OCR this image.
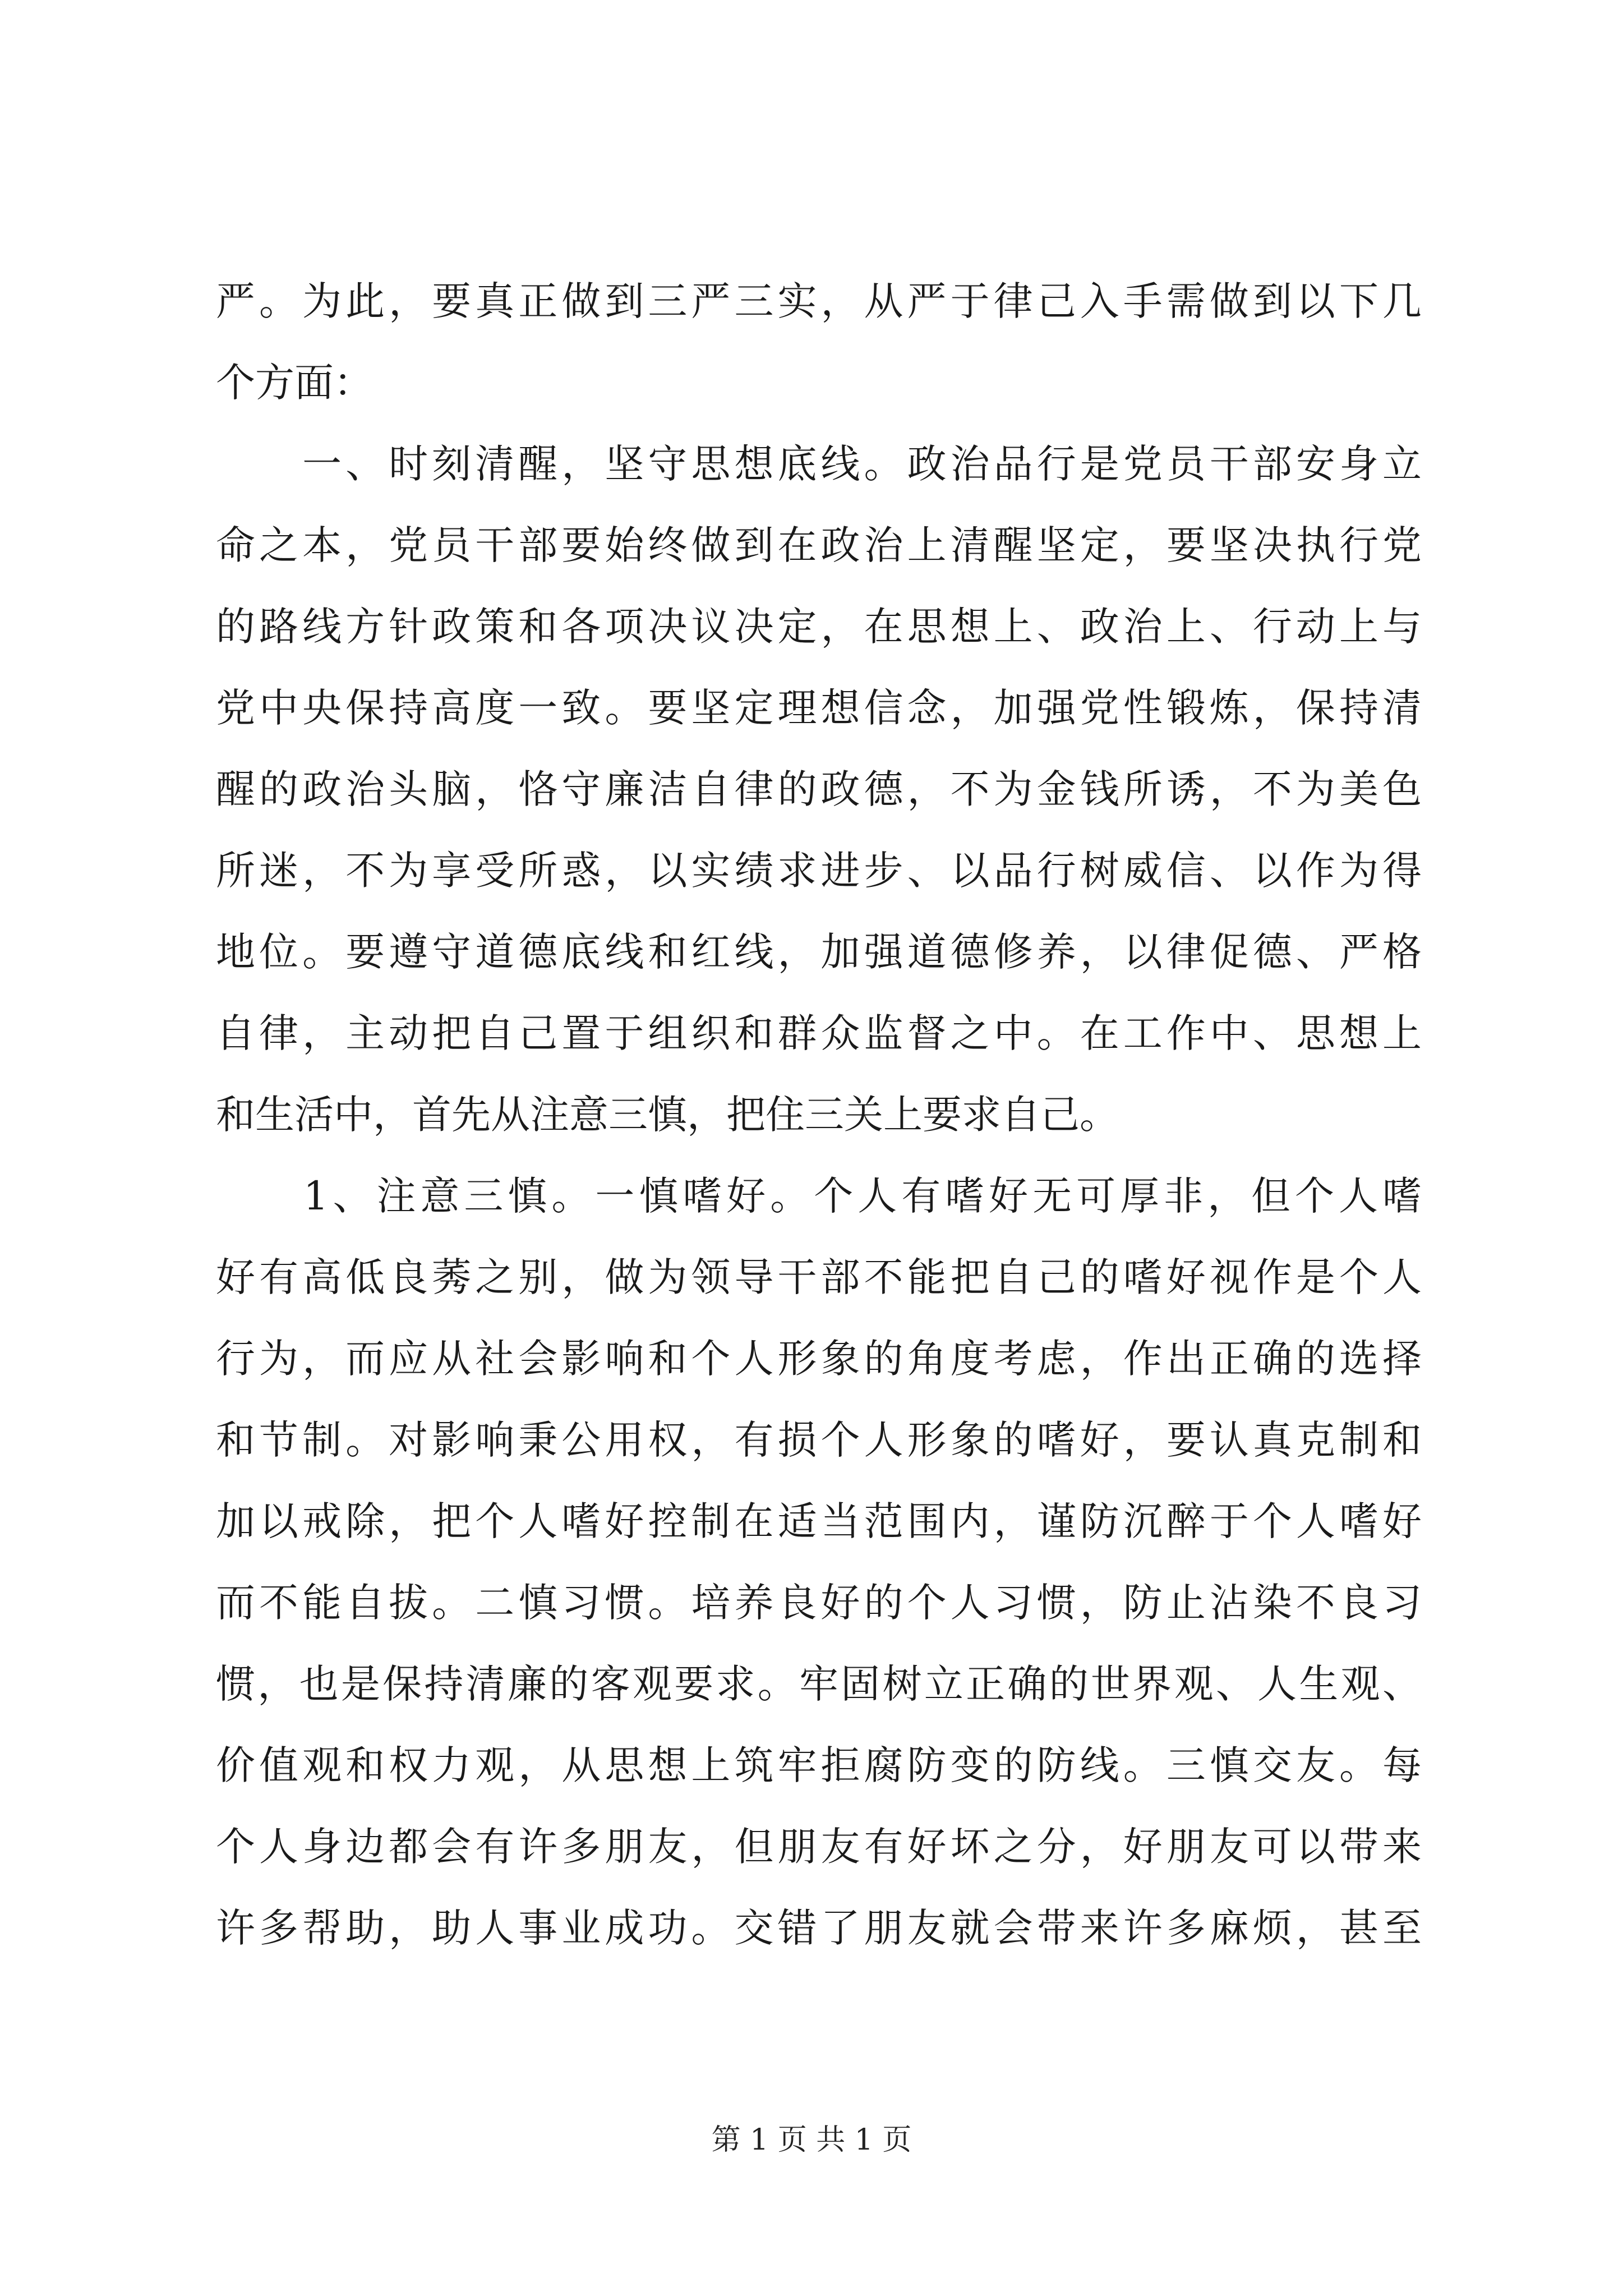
严。为此，要真正做到三严三实，从严于律己入手需做到以下几
个方面：
　　一、时刻清醒，坚守思想底线。政治品行是党员干部安身立
命之本，党员干部要始终做到在政治上清醒坚定，要坚决执行党
的路线方针政策和各项决议决定，在思想上、政治上、行动上与
党中央保持高度一致。要坚定理想信念，加强党性锻炼，保持清
醒的政治头脑，恪守廉洁自律的政德，不为金钱所诱，不为美色
所迷，不为享受所惑，以实绩求进步、以品行树威信、以作为得
地位。要遵守道德底线和红线，加强道德修养，以律促德、严格
自律，主动把自己置于组织和群众监督之中。在工作中、思想上
和生活中，首先从注意三慎，把住三关上要求自己。
　　1、注意三慎。一慎嗜好。个人有嗜好无可厚非，但个人嗜
好有高低良莠之别，做为领导干部不能把自己的嗜好视作是个人
行为，而应从社会影响和个人形象的角度考虑，作出正确的选择
和节制。对影响秉公用权，有损个人形象的嗜好，要认真克制和
加以戒除，把个人嗜好控制在适当范围内，谨防沉醉于个人嗜好
而不能自拔。二慎习惯。培养良好的个人习惯，防止沾染不良习
惯，也是保持清廉的客观要求。牢固树立正确的世界观、人生观、
价值观和权力观，从思想上筑牢拒腐防变的防线。三慎交友。每
个人身边都会有许多朋友，但朋友有好坏之分，好朋友可以带来
许多帮助，助人事业成功。交错了朋友就会带来许多麻烦，甚至
第 1 页 共 1 页
